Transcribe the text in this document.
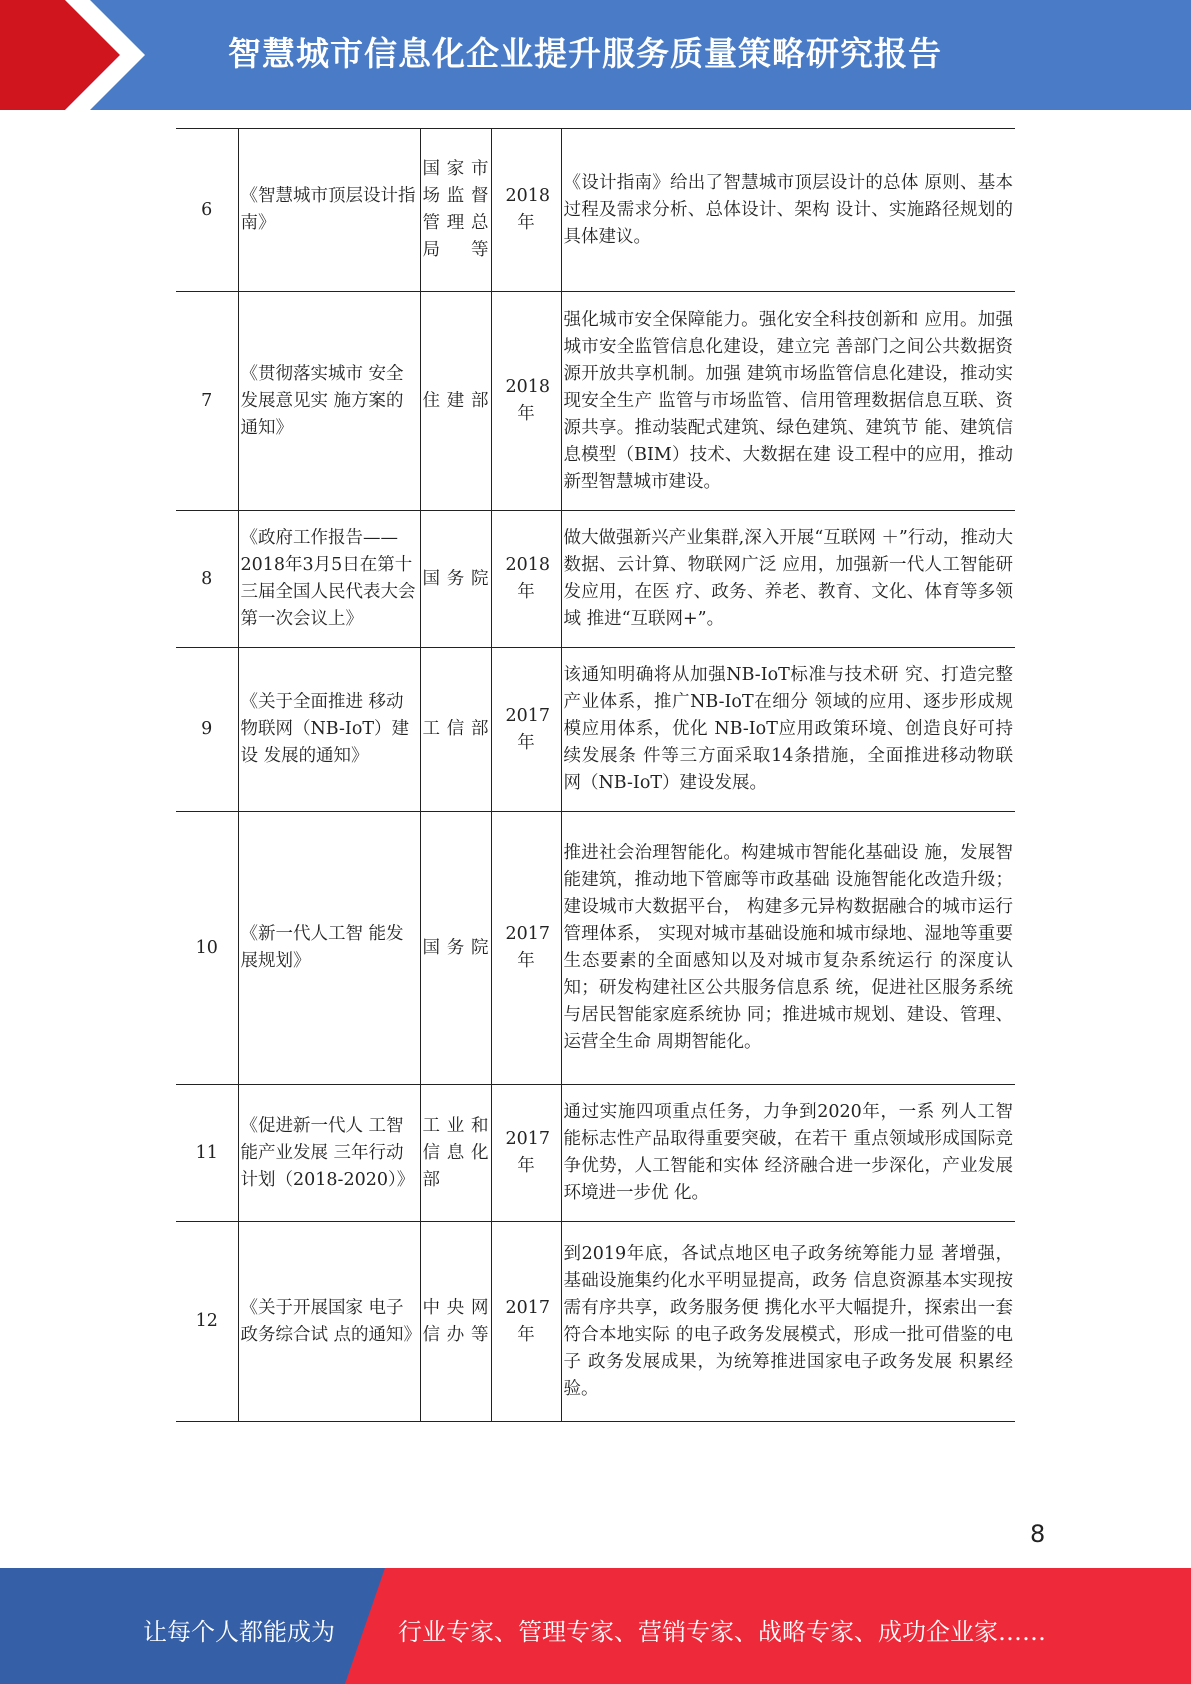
智慧城市信息化企业提升服务质量策略研究报告
6	《智慧城市顶层设计指南》	国家市场监督管理总局等	2018年	《设计指南》给出了智慧城市顶层设计的总体 原则、基本过程及需求分析、总体设计、架构 设计、实施路径规划的具体建议。
7	《贯彻落实城市 安全发展意见实 施方案的通知》	住建部	2018年	强化城市安全保障能力。强化安全科技创新和 应用。加强城市安全监管信息化建设，建立完 善部门之间公共数据资源开放共享机制。加强 建筑市场监管信息化建设，推动实现安全生产 监管与市场监管、信用管理数据信息互联、资 源共享。推动装配式建筑、绿色建筑、建筑节 能、建筑信息模型（BIM）技术、大数据在建 设工程中的应用，推动新型智慧城市建设。
8	《政府工作报告——2018年3月5日在第十三届全国人民代表大会 第一次会议上》	国务院	2018年	做大做强新兴产业集群,深入开展“互联网 ＋”行动，推动大数据、云计算、物联网广泛 应用，加强新一代人工智能研发应用，在医 疗、政务、养老、教育、文化、体育等多领域 推进“互联网+”。
9	《关于全面推进 移动物联网（NB-IoT）建设 发展的通知》	工信部	2017年	该通知明确将从加强NB-IoT标准与技术研 究、打造完整产业体系，推广NB-IoT在细分 领域的应用、逐步形成规模应用体系，优化 NB-IoT应用政策环境、创造良好可持续发展条 件等三方面采取14条措施，全面推进移动物联 网（NB-IoT）建设发展。
10	《新一代人工智 能发展规划》	国务院	2017年	推进社会治理智能化。构建城市智能化基础设 施，发展智能建筑，推动地下管廊等市政基础 设施智能化改造升级；建设城市大数据平台， 构建多元异构数据融合的城市运行管理体系， 实现对城市基础设施和城市绿地、湿地等重要 生态要素的全面感知以及对城市复杂系统运行 的深度认知；研发构建社区公共服务信息系 统，促进社区服务系统与居民智能家庭系统协 同；推进城市规划、建设、管理、运营全生命 周期智能化。
11	《促进新一代人 工智能产业发展 三年行动计划（2018-2020）》	工业和信息化部	2017年	通过实施四项重点任务，力争到2020年，一系 列人工智能标志性产品取得重要突破，在若干 重点领域形成国际竞争优势，人工智能和实体 经济融合进一步深化，产业发展环境进一步优 化。
12	《关于开展国家 电子政务综合试 点的通知》	中央网信办等	2017年	到2019年底，各试点地区电子政务统筹能力显 著增强，基础设施集约化水平明显提高，政务 信息资源基本实现按需有序共享，政务服务便 携化水平大幅提升，探索出一套符合本地实际 的电子政务发展模式，形成一批可借鉴的电子 政务发展成果，为统筹推进国家电子政务发展 积累经验。
8
让每个人都能成为	行业专家、管理专家、营销专家、战略专家、成功企业家……
